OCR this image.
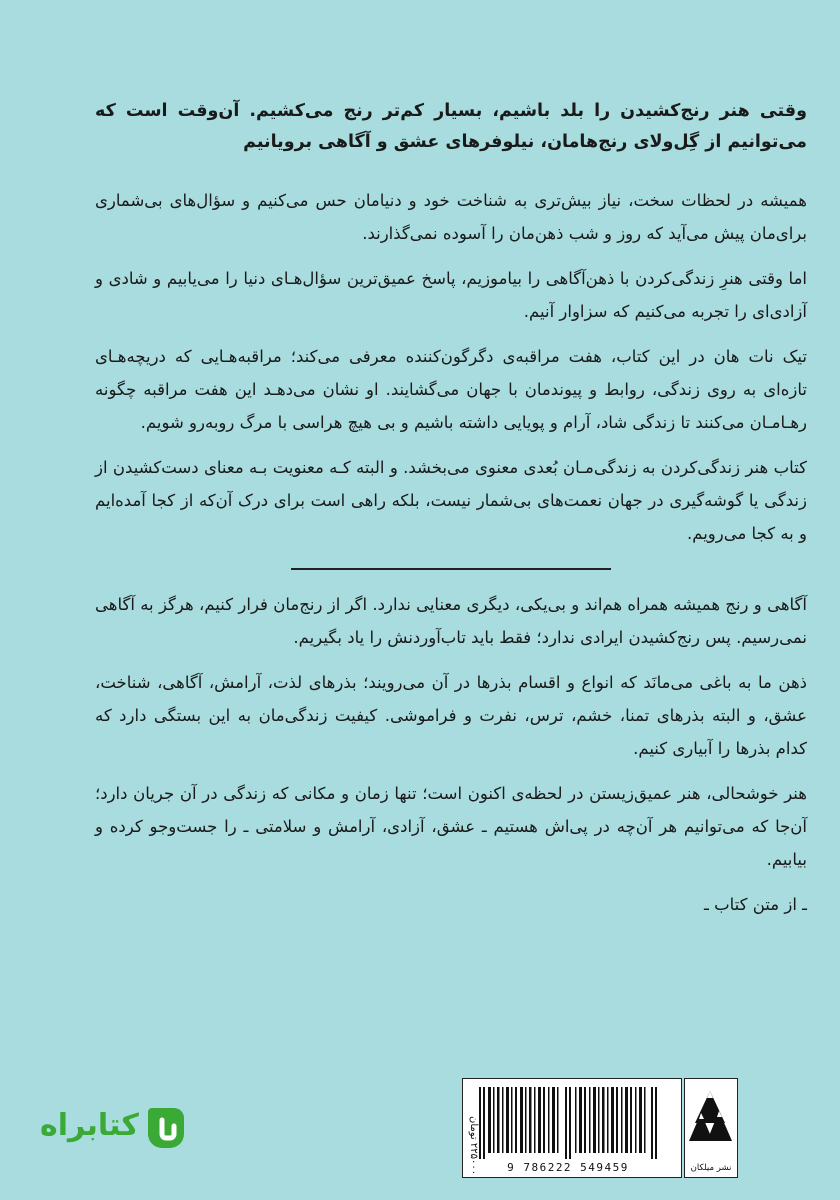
وقتی هنر رنج‌کشیدن را بلد باشیم، بسیار کم‌تر رنج می‌کشیم. آن‌وقت است که می‌توانیم از گِل‌ولای رنج‌هامان، نیلوفرهای عشق و آگاهی برویانیم

همیشه در لحظات سخت، نیاز بیش‌تری به شناخت خود و دنیامان حس می‌کنیم و سؤال‌های بی‌شماری برای‌مان پیش می‌آید که روز و شب ذهن‌مان را آسوده نمی‌گذارند.

اما وقتی هنرِ زندگی‌کردن با ذهن‌آگاهی را بیاموزیم، پاسخ عمیق‌ترین سؤال‌هـای دنیا را می‌یابیم و شادی و آزادی‌ای را تجربه می‌کنیم که سزاوار آنیم.

تیک نات هان در این کتاب، هفت مراقبه‌ی دگرگون‌کننده معرفی می‌کند؛ مراقبه‌هـایی که دریچه‌هـای تازه‌ای به روی زندگی، روابط و پیوندمان با جهان می‌گشایند. او نشان می‌دهـد این هفت مراقبه چگونه رهـامـان می‌کنند تا زندگی شاد، آرام و پویایی داشته باشیم و بی هیچ هراسی با مرگ روبه‌رو شویم.

کتاب هنر زندگی‌کردن به زندگی‌مـان بُعدی معنوی می‌بخشد. و البته کـه معنویت بـه معنای دست‌کشیدن از زندگی یا گوشه‌گیری در جهان نعمت‌های بی‌شمار نیست، بلکه راهی است برای درک آن‌که از کجا آمده‌ایم و به کجا می‌رویم.

آگاهی و رنج همیشه همراه هم‌اند و بی‌یکی، دیگری معنایی ندارد. اگر از رنج‌مان فرار کنیم، هرگز به آگاهی نمی‌رسیم. پس رنج‌کشیدن ایرادی ندارد؛ فقط باید تاب‌آوردنش را یاد بگیریم.

ذهن ما به باغی می‌مانَد که انواع و اقسام بذرها در آن می‌رویند؛ بذرهای لذت، آرامش، آگاهی، شناخت، عشق، و البته بذرهای تمنا، خشم، ترس، نفرت و فراموشی. کیفیت زندگی‌مان به این بستگی دارد که کدام بذرها را آبیاری کنیم.

هنر خوشحالی، هنر عمیق‌زیستن در لحظه‌ی اکنون است؛ تنها زمان و مکانی که زندگی در آن جریان دارد؛ آن‌جا که می‌توانیم هر آن‌چه در پی‌اش هستیم ـ عشق، آزادی، آرامش و سلامتی ـ را جست‌وجو کرده و بیابیم.

ـ از متن کتاب ـ
۲۲۵۰۰۰ تومان	9 786222 549459	نشر میلکان
کتابراه
